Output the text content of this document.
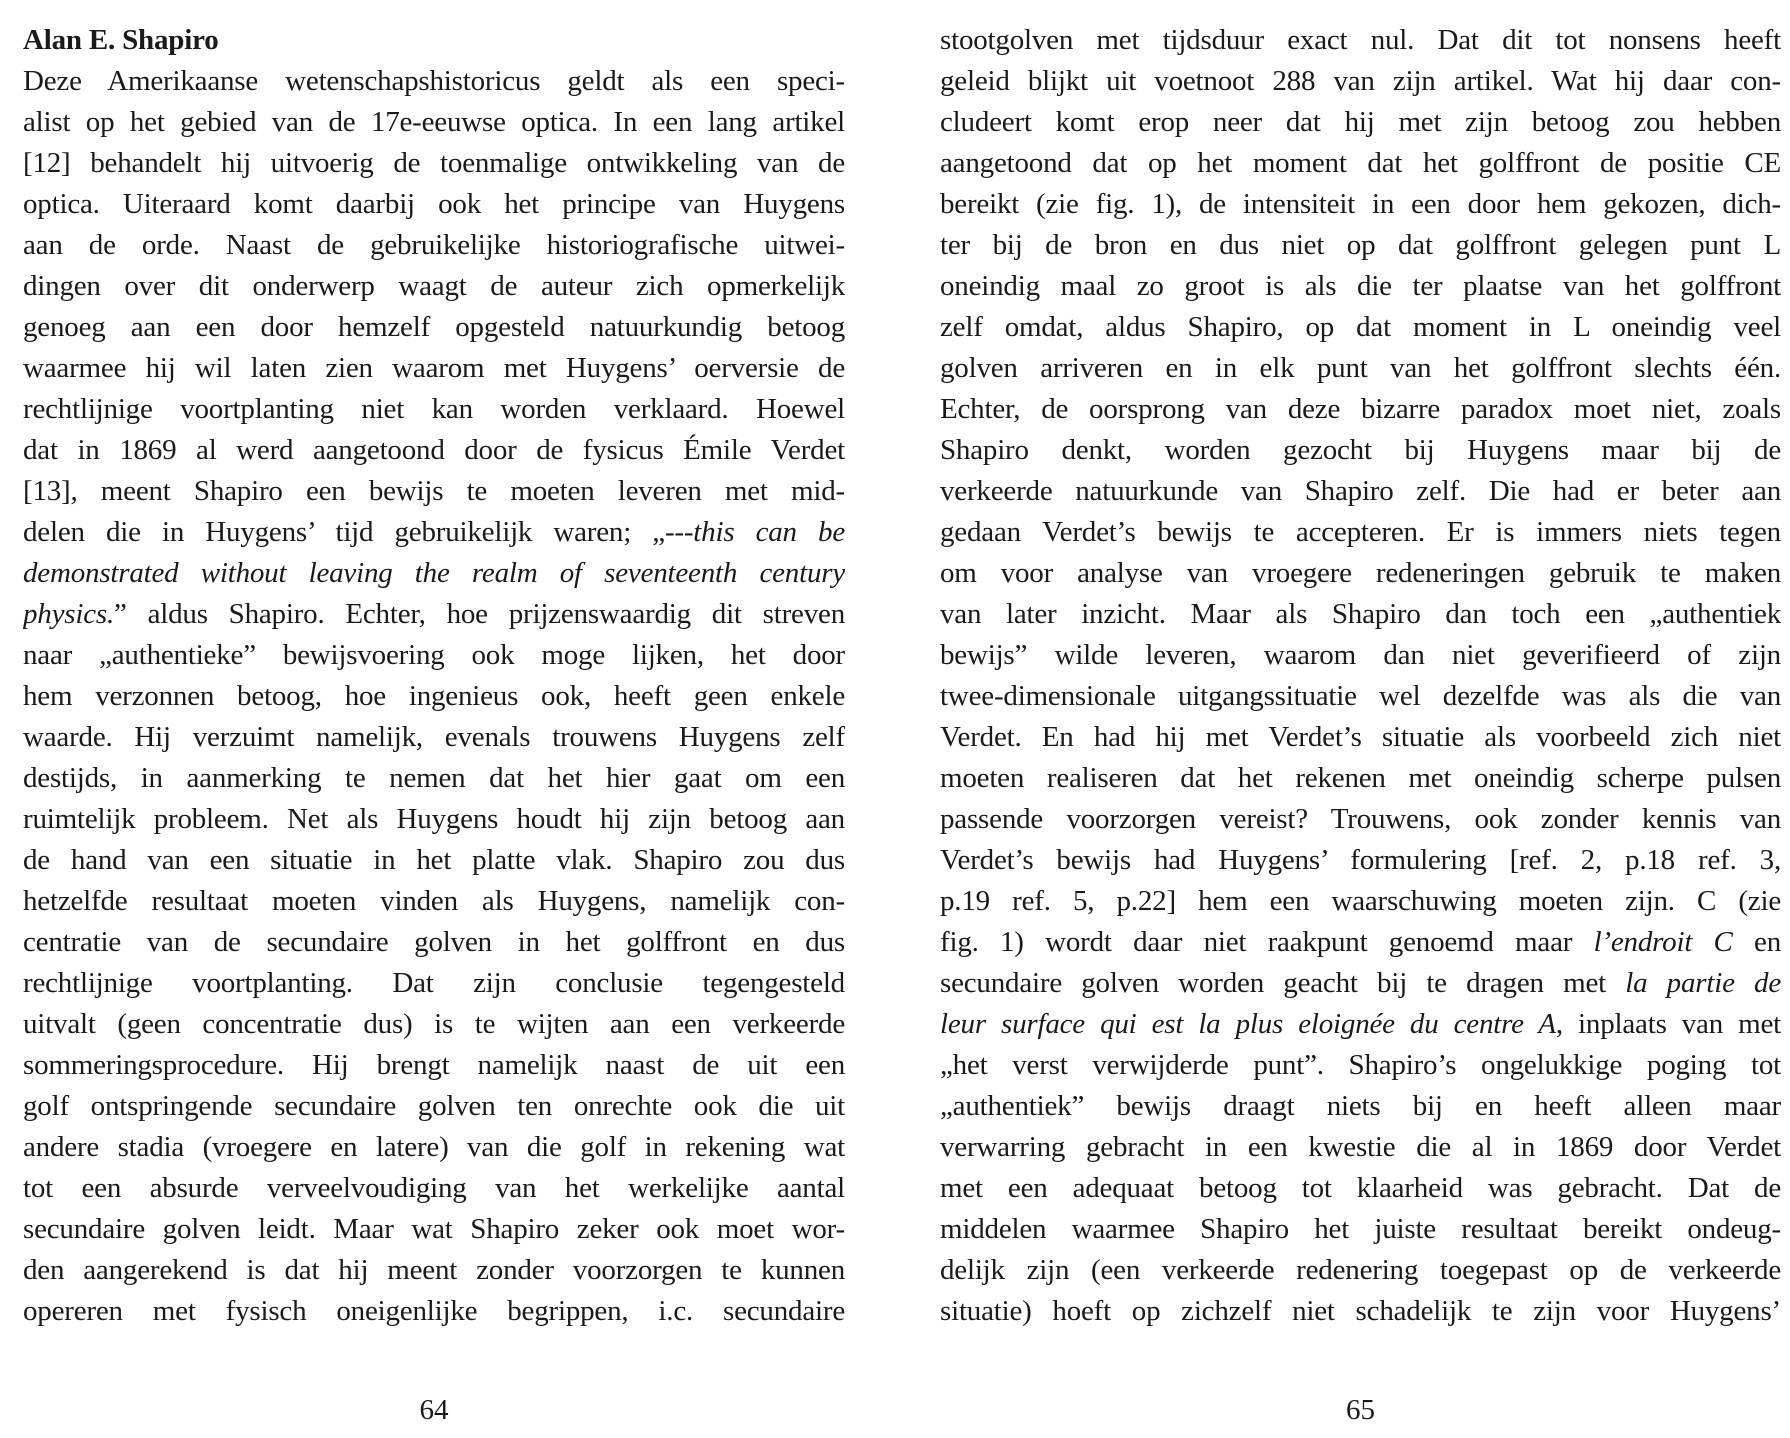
Alan E. Shapiro
Deze Amerikaanse wetenschapshistoricus geldt als een speci-
alist op het gebied van de 17e-eeuwse optica. In een lang artikel
[12] behandelt hij uitvoerig de toenmalige ontwikkeling van de
optica. Uiteraard komt daarbij ook het principe van Huygens
aan de orde. Naast de gebruikelijke historiografische uitwei-
dingen over dit onderwerp waagt de auteur zich opmerkelijk
genoeg aan een door hemzelf opgesteld natuurkundig betoog
waarmee hij wil laten zien waarom met Huygens’ oerversie de
rechtlijnige voortplanting niet kan worden verklaard. Hoewel
dat in 1869 al werd aangetoond door de fysicus Émile Verdet
[13], meent Shapiro een bewijs te moeten leveren met mid-
delen die in Huygens’ tijd gebruikelijk waren; „---this can be
demonstrated without leaving the realm of seventeenth century
physics.” aldus Shapiro. Echter, hoe prijzenswaardig dit streven
naar „authentieke” bewijsvoering ook moge lijken, het door
hem verzonnen betoog, hoe ingenieus ook, heeft geen enkele
waarde. Hij verzuimt namelijk, evenals trouwens Huygens zelf
destijds, in aanmerking te nemen dat het hier gaat om een
ruimtelijk probleem. Net als Huygens houdt hij zijn betoog aan
de hand van een situatie in het platte vlak. Shapiro zou dus
hetzelfde resultaat moeten vinden als Huygens, namelijk con-
centratie van de secundaire golven in het golffront en dus
rechtlijnige voortplanting. Dat zijn conclusie tegengesteld
uitvalt (geen concentratie dus) is te wijten aan een verkeerde
sommeringsprocedure. Hij brengt namelijk naast de uit een
golf ontspringende secundaire golven ten onrechte ook die uit
andere stadia (vroegere en latere) van die golf in rekening wat
tot een absurde verveelvoudiging van het werkelijke aantal
secundaire golven leidt. Maar wat Shapiro zeker ook moet wor-
den aangerekend is dat hij meent zonder voorzorgen te kunnen
opereren met fysisch oneigenlijke begrippen, i.c. secundaire
64
stootgolven met tijdsduur exact nul. Dat dit tot nonsens heeft
geleid blijkt uit voetnoot 288 van zijn artikel. Wat hij daar con-
cludeert komt erop neer dat hij met zijn betoog zou hebben
aangetoond dat op het moment dat het golffront de positie CE
bereikt (zie fig. 1), de intensiteit in een door hem gekozen, dich-
ter bij de bron en dus niet op dat golffront gelegen punt L
oneindig maal zo groot is als die ter plaatse van het golffront
zelf omdat, aldus Shapiro, op dat moment in L oneindig veel
golven arriveren en in elk punt van het golffront slechts één.
Echter, de oorsprong van deze bizarre paradox moet niet, zoals
Shapiro denkt, worden gezocht bij Huygens maar bij de
verkeerde natuurkunde van Shapiro zelf. Die had er beter aan
gedaan Verdet’s bewijs te accepteren. Er is immers niets tegen
om voor analyse van vroegere redeneringen gebruik te maken
van later inzicht. Maar als Shapiro dan toch een „authentiek
bewijs” wilde leveren, waarom dan niet geverifieerd of zijn
twee-dimensionale uitgangssituatie wel dezelfde was als die van
Verdet. En had hij met Verdet’s situatie als voorbeeld zich niet
moeten realiseren dat het rekenen met oneindig scherpe pulsen
passende voorzorgen vereist? Trouwens, ook zonder kennis van
Verdet’s bewijs had Huygens’ formulering [ref. 2, p.18 ref. 3,
p.19 ref. 5, p.22] hem een waarschuwing moeten zijn. C (zie
fig. 1) wordt daar niet raakpunt genoemd maar l’endroit C en
secundaire golven worden geacht bij te dragen met la partie de
leur surface qui est la plus eloignée du centre A, inplaats van met
„het verst verwijderde punt”. Shapiro’s ongelukkige poging tot
„authentiek” bewijs draagt niets bij en heeft alleen maar
verwarring gebracht in een kwestie die al in 1869 door Verdet
met een adequaat betoog tot klaarheid was gebracht. Dat de
middelen waarmee Shapiro het juiste resultaat bereikt ondeug-
delijk zijn (een verkeerde redenering toegepast op de verkeerde
situatie) hoeft op zichzelf niet schadelijk te zijn voor Huygens’
65
